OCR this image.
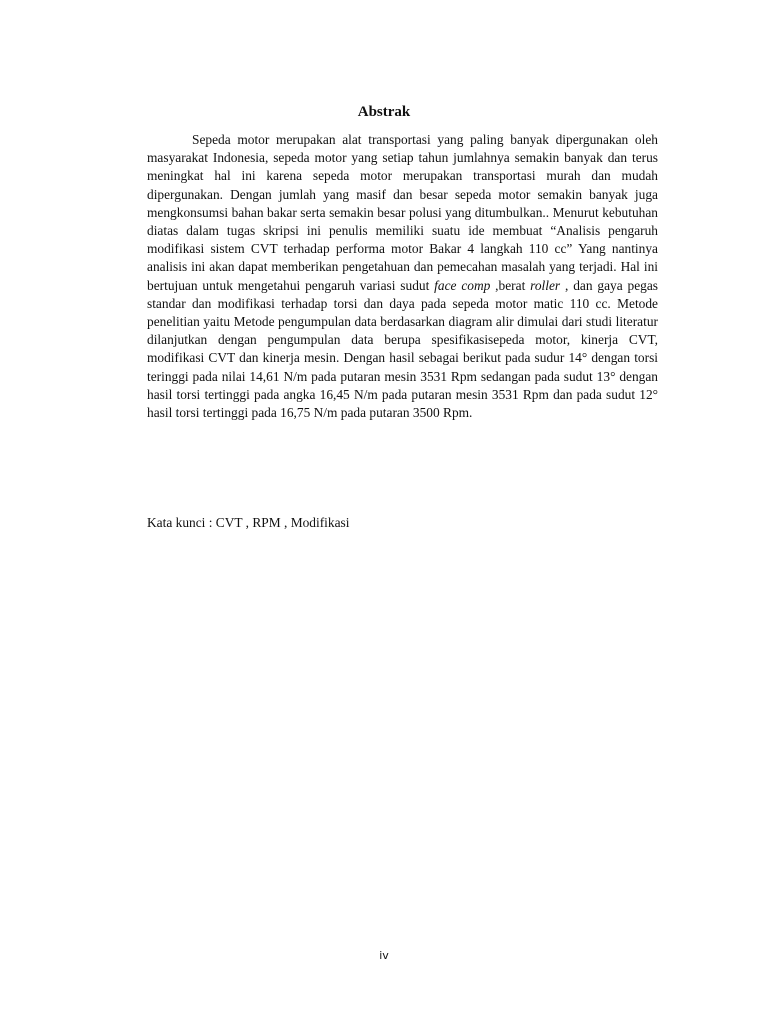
Abstrak

Sepeda motor merupakan alat transportasi yang paling banyak dipergunakan oleh masyarakat Indonesia, sepeda motor yang setiap tahun jumlahnya semakin banyak dan terus meningkat hal ini karena sepeda motor merupakan transportasi murah dan mudah dipergunakan. Dengan jumlah yang masif dan besar sepeda motor semakin banyak juga mengkonsumsi bahan bakar serta semakin besar polusi yang ditumbulkan.. Menurut kebutuhan diatas dalam tugas skripsi ini penulis memiliki suatu ide membuat “Analisis pengaruh modifikasi sistem CVT terhadap performa motor Bakar 4 langkah 110 cc” Yang nantinya analisis ini akan dapat memberikan pengetahuan dan pemecahan masalah yang terjadi. Hal ini bertujuan untuk mengetahui pengaruh variasi sudut face comp ,berat roller , dan gaya pegas standar dan modifikasi terhadap torsi dan daya pada sepeda motor matic 110 cc. Metode penelitian yaitu Metode pengumpulan data berdasarkan diagram alir dimulai dari studi literatur dilanjutkan dengan pengumpulan data berupa spesifikasisepeda motor, kinerja CVT, modifikasi CVT dan kinerja mesin. Dengan hasil sebagai berikut pada sudur 14° dengan torsi teringgi pada nilai 14,61 N/m pada putaran mesin 3531 Rpm sedangan pada sudut 13° dengan hasil torsi tertinggi pada angka 16,45 N/m pada putaran mesin 3531 Rpm dan pada sudut 12° hasil torsi tertinggi pada 16,75 N/m pada putaran 3500 Rpm.

Kata kunci : CVT , RPM , Modifikasi

iv
